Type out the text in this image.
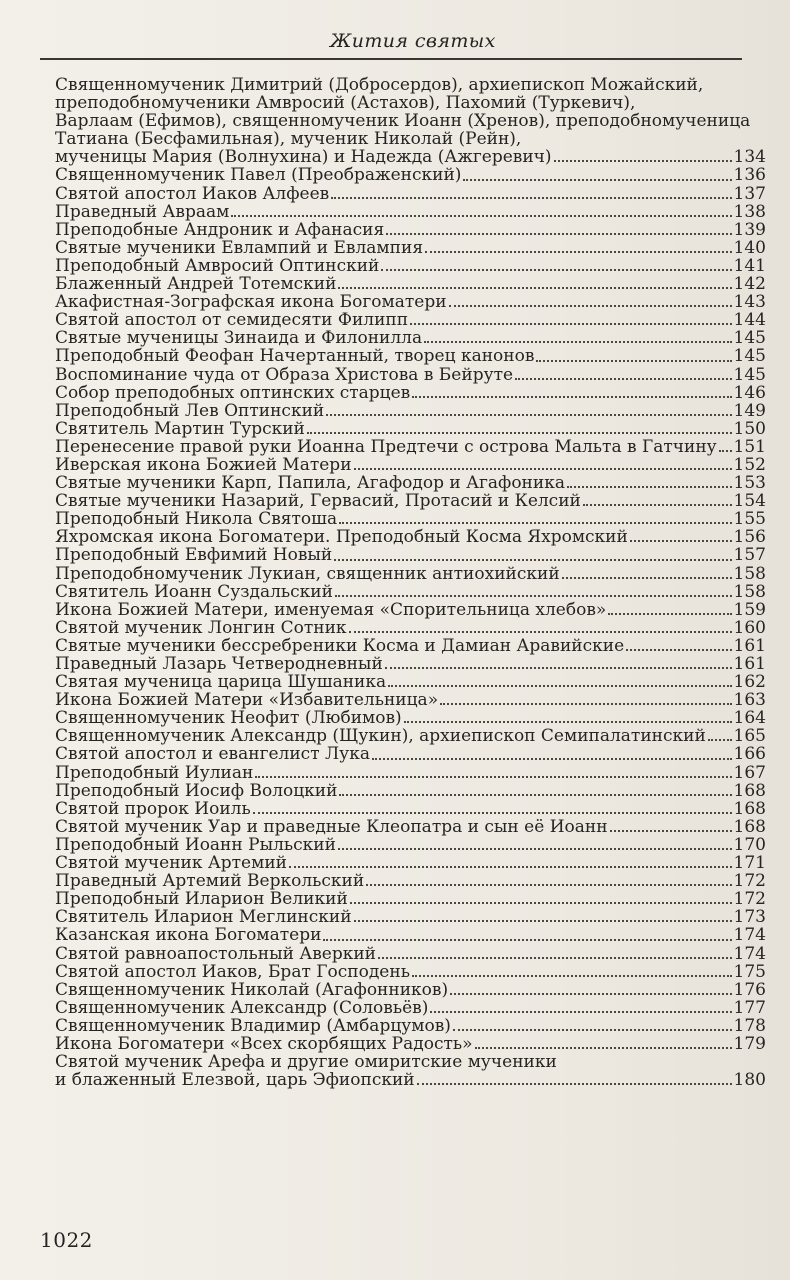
Жития святых
Священномученик Димитрий (Добросердов), архиепископ Можайский,
преподобномученики Амвросий (Астахов), Пахомий (Туркевич),
Варлаам (Ефимов), священномученик Иоанн (Хренов), преподобномученица
Татиана (Бесфамильная), мученик Николай (Рейн),
мученицы Мария (Волнухина) и Надежда (Ажгеревич)	134
Священномученик Павел (Преображенский)	136
Святой апостол Иаков Алфеев	137
Праведный Авраам	138
Преподобные Андроник и Афанасия	139
Святые мученики Евлампий и Евлампия	140
Преподобный Амвросий Оптинский	141
Блаженный Андрей Тотемский	142
Акафистная-Зографская икона Богоматери	143
Святой апостол от семидесяти Филипп	144
Святые мученицы Зинаида и Филонилла	145
Преподобный Феофан Начертанный, творец канонов	145
Воспоминание чуда от Образа Христова в Бейруте	145
Собор преподобных оптинских старцев	146
Преподобный Лев Оптинский	149
Святитель Мартин Турский	150
Перенесение правой руки Иоанна Предтечи с острова Мальта в Гатчину 151
Иверская икона Божией Матери	152
Святые мученики Карп, Папила, Агафодор и Агафоника	153
Святые мученики Назарий, Гервасий, Протасий и Келсий	154
Преподобный Никола Святоша	155
Яхромская икона Богоматери. Преподобный Косма Яхромский	156
Преподобный Евфимий Новый	157
Преподобномученик Лукиан, священник антиохийский	158
Святитель Иоанн Суздальский	158
Икона Божией Матери, именуемая «Спорительница хлебов»	159
Святой мученик Лонгин Сотник	160
Святые мученики бессребреники Косма и Дамиан Аравийские	161
Праведный Лазарь Четверодневный	161
Святая мученица царица Шушаника	162
Икона Божией Матери «Избавительница»	163
Священномученик Неофит (Любимов)	164
Священномученик Александр (Щукин), архиепископ Семипалатинский 165
Святой апостол и евангелист Лука	166
Преподобный Иулиан	167
Преподобный Иосиф Волоцкий	168
Святой пророк Иоиль	168
Святой мученик Уар и праведные Клеопатра и сын её Иоанн	168
Преподобный Иоанн Рыльский	170
Святой мученик Артемий	171
Праведный Артемий Веркольский	172
Преподобный Иларион Великий	172
Святитель Иларион Меглинский	173
Казанская икона Богоматери	174
Святой равноапостольный Аверкий	174
Святой апостол Иаков, Брат Господень	175
Священномученик Николай (Агафонников)	176
Священномученик Александр (Соловьёв)	177
Священномученик Владимир (Амбарцумов)	178
Икона Богоматери «Всех скорбящих Радость»	179
Святой мученик Арефа и другие омиритские мученики
и блаженный Елезвой, царь Эфиопский	180
1022
